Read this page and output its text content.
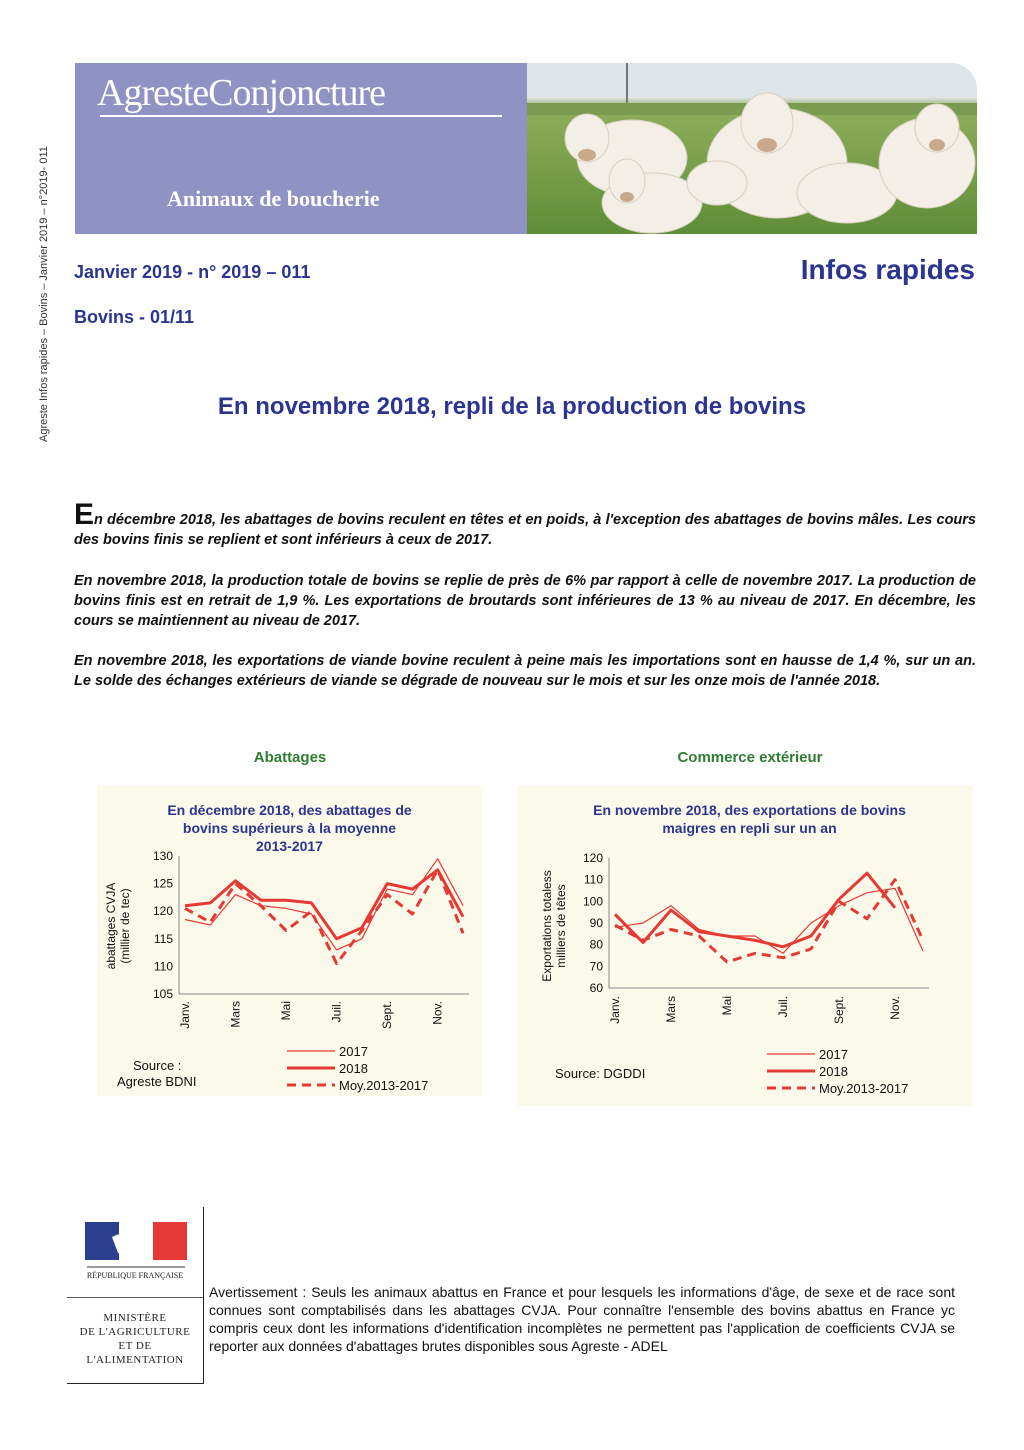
Agreste Infos rapides – Bovins – Janvier 2019 – n°2019- 011
AgresteConjoncture
Animaux de boucherie
Janvier 2019 - n° 2019 – 011	Infos rapides
Bovins - 01/11
En novembre 2018, repli de la production de bovins
En décembre 2018, les abattages de bovins reculent en têtes et en poids, à l'exception des abattages de bovins mâles. Les cours des bovins finis se replient et sont inférieurs à ceux de 2017.
En novembre 2018, la production totale de bovins se replie de près de 6% par rapport à celle de novembre 2017. La production de bovins finis est en retrait de 1,9 %. Les exportations de broutards sont inférieures de 13 % au niveau de 2017. En décembre, les cours se maintiennent au niveau de 2017.
En novembre 2018, les exportations de viande bovine reculent à peine mais les importations sont en hausse de 1,4 %, sur un an. Le solde des échanges extérieurs de viande se dégrade de nouveau sur le mois et sur les onze mois de l'année 2018.
Abattages	Commerce extérieur
En décembre 2018, des abattages de
bovins supérieurs à la moyenne
2013-2017
105
110
115
120
125
130
abattages CVJA (millier de tec)
Janv.	Mars	Mai	Juil.	Sept.	Nov.
2017
2018
Moy.2013-2017
Source :
Agreste BDNI
En novembre 2018, des exportations de bovins
maigres en repli sur un an
60
70
80
90
100
110
120
Exportations totaless milliers de têtes
Janv.	Mars	Mai	Juil.	Sept.	Nov.
2017
2018
Moy.2013-2017
Source: DGDDI
RÉPUBLIQUE FRANÇAISE
MINISTÈRE
DE L'AGRICULTURE
ET DE
L'ALIMENTATION
Avertissement : Seuls les animaux abattus en France et pour lesquels les informations d'âge, de sexe et de race sont connues sont comptabilisés dans les abattages CVJA. Pour connaître l'ensemble des bovins abattus en France yc compris ceux dont les informations d'identification incomplètes ne permettent pas l'application de coefficients CVJA se reporter aux données d'abattages brutes disponibles sous Agreste - ADEL
